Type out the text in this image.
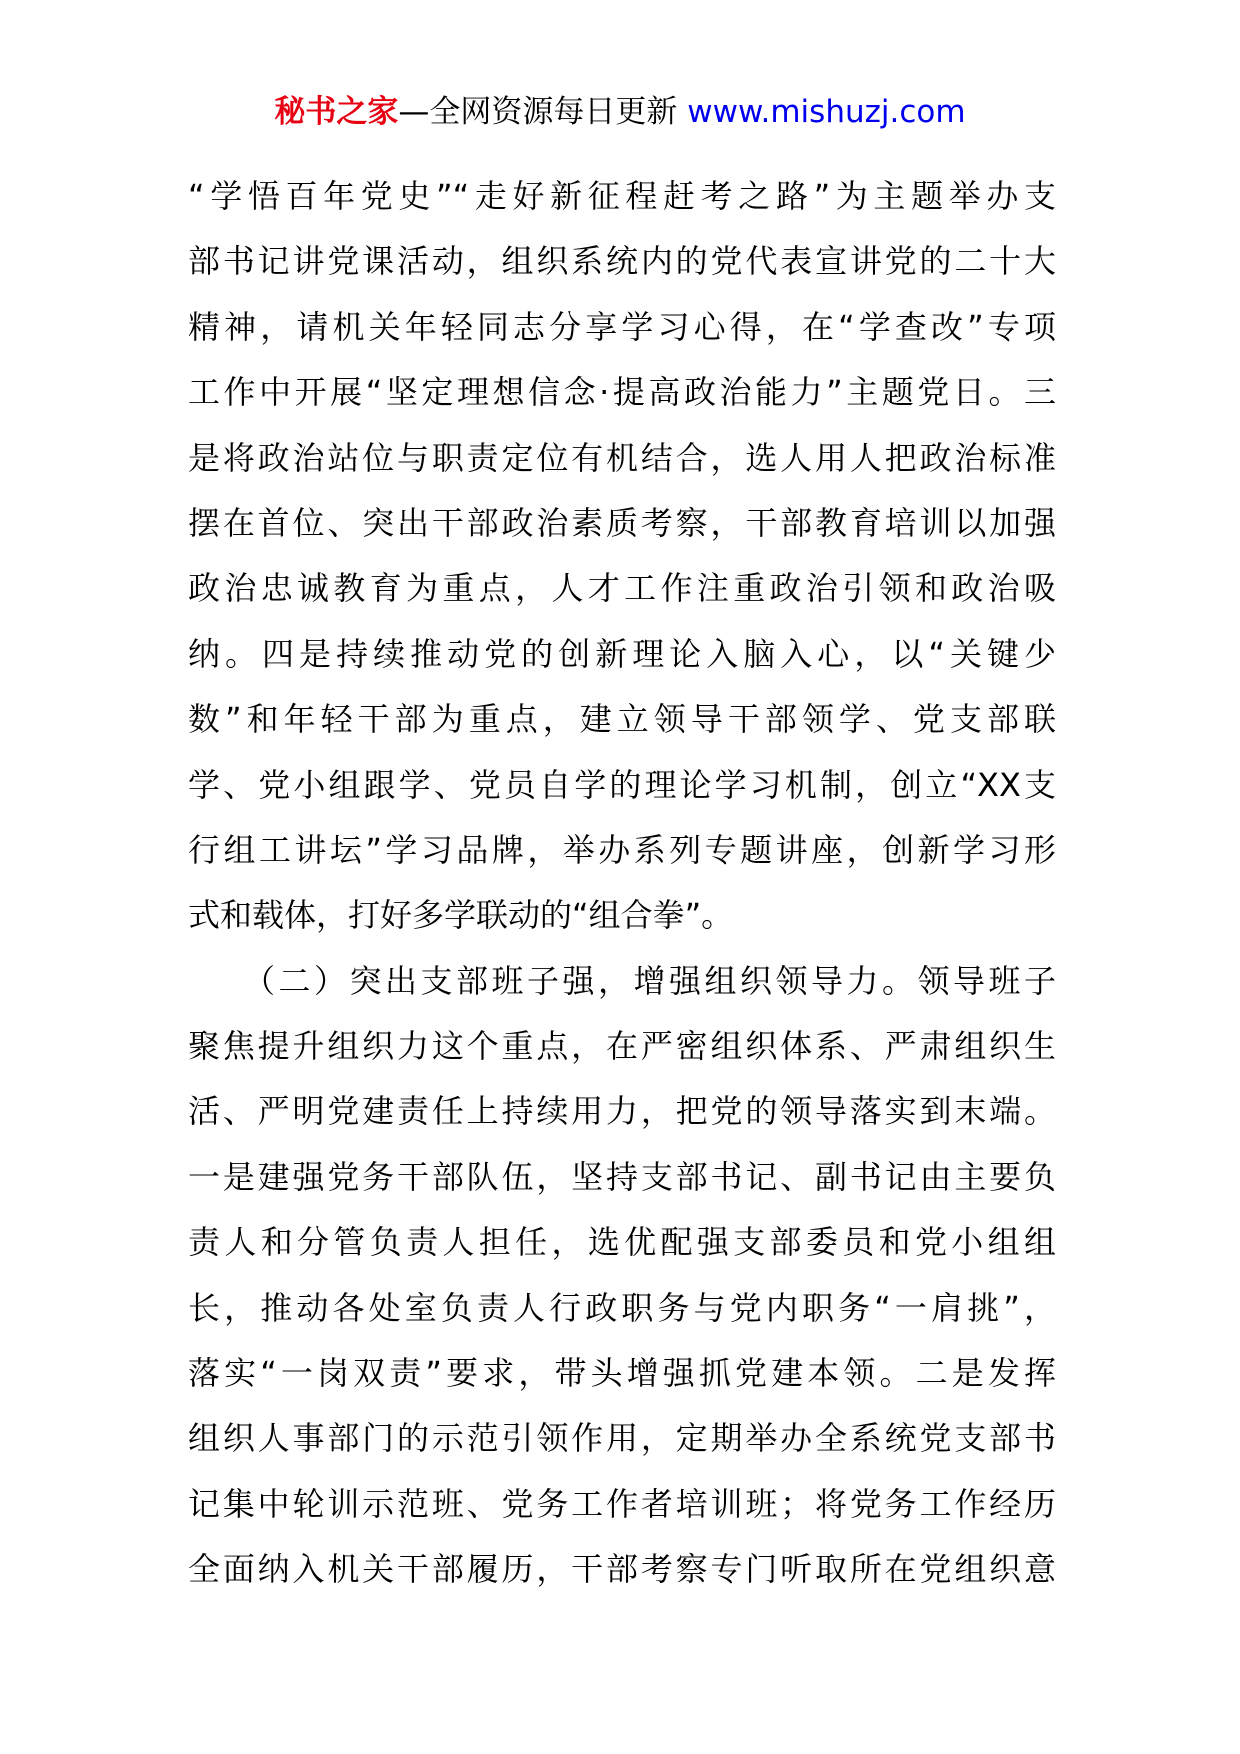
秘书之家—全网资源每日更新 www.mishuzj.com
“学悟百年党史”“走好新征程赶考之路”为主题举办支
部书记讲党课活动，组织系统内的党代表宣讲党的二十大
精神，请机关年轻同志分享学习心得，在“学查改”专项
工作中开展“坚定理想信念·提高政治能力”主题党日。三
是将政治站位与职责定位有机结合，选人用人把政治标准
摆在首位、突出干部政治素质考察，干部教育培训以加强
政治忠诚教育为重点，人才工作注重政治引领和政治吸
纳。四是持续推动党的创新理论入脑入心，以“关键少
数”和年轻干部为重点，建立领导干部领学、党支部联
学、党小组跟学、党员自学的理论学习机制，创立“XX支
行组工讲坛”学习品牌，举办系列专题讲座，创新学习形
式和载体，打好多学联动的“组合拳”。
　　（二）突出支部班子强，增强组织领导力。领导班子
聚焦提升组织力这个重点，在严密组织体系、严肃组织生
活、严明党建责任上持续用力，把党的领导落实到末端。
一是建强党务干部队伍，坚持支部书记、副书记由主要负
责人和分管负责人担任，选优配强支部委员和党小组组
长，推动各处室负责人行政职务与党内职务“一肩挑”，
落实“一岗双责”要求，带头增强抓党建本领。二是发挥
组织人事部门的示范引领作用，定期举办全系统党支部书
记集中轮训示范班、党务工作者培训班；将党务工作经历
全面纳入机关干部履历，干部考察专门听取所在党组织意
